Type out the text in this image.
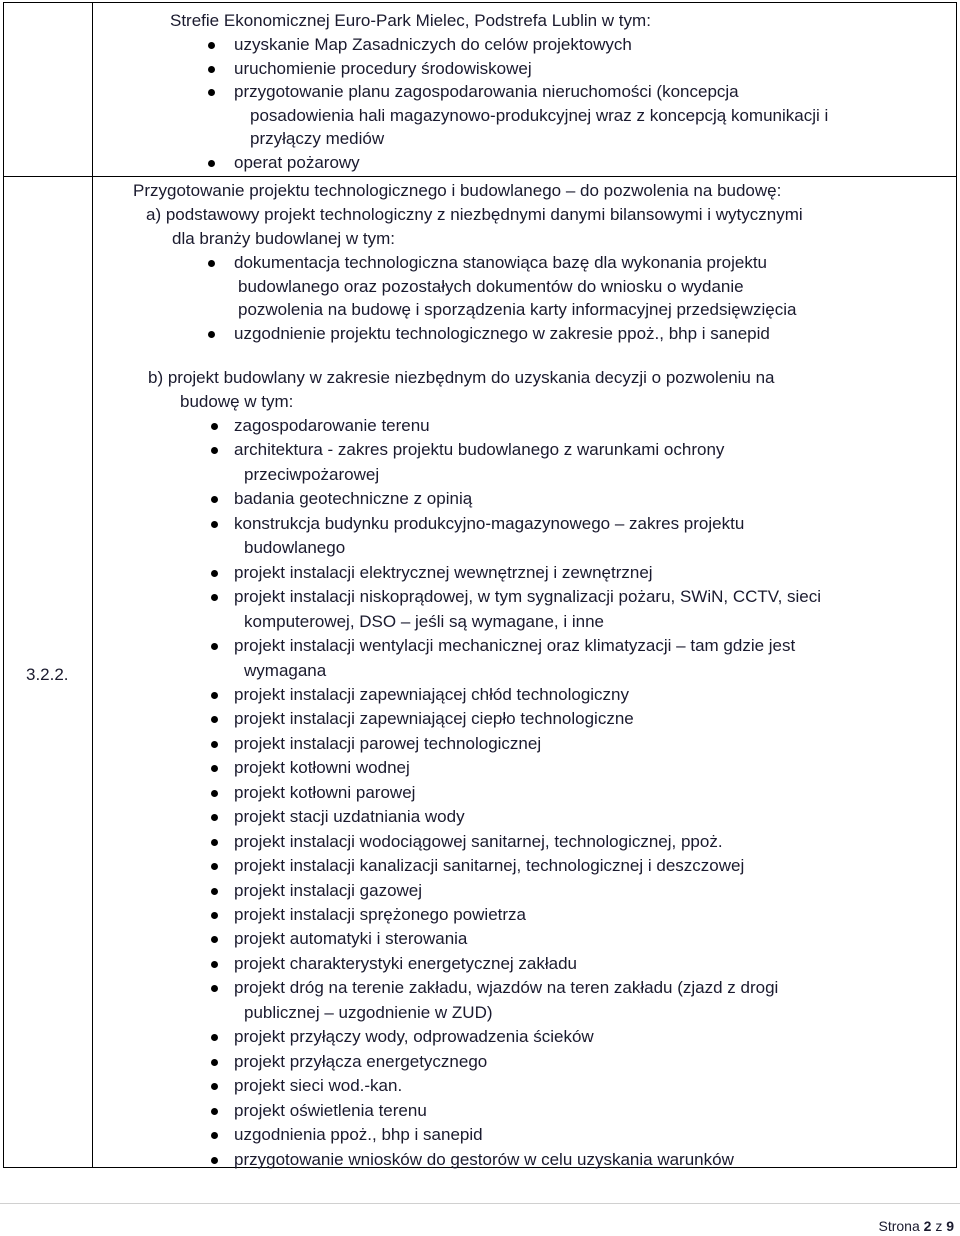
3.2.2.
Strefie Ekonomicznej Euro-Park Mielec, Podstrefa Lublin w tym:
uzyskanie Map Zasadniczych do celów projektowych
uruchomienie procedury środowiskowej
przygotowanie planu zagospodarowania nieruchomości (koncepcja
posadowienia hali magazynowo-produkcyjnej wraz z koncepcją komunikacji i
przyłączy mediów
operat pożarowy
Przygotowanie projektu technologicznego i budowlanego – do pozwolenia na budowę:
a) podstawowy projekt technologiczny z niezbędnymi danymi bilansowymi i wytycznymi
dla branży budowlanej w tym:
dokumentacja technologiczna stanowiąca bazę dla wykonania projektu
budowlanego oraz pozostałych dokumentów do wniosku o wydanie
pozwolenia na budowę i sporządzenia karty informacyjnej przedsięwzięcia
uzgodnienie projektu technologicznego w zakresie ppoż., bhp i sanepid
b) projekt budowlany w zakresie niezbędnym do uzyskania decyzji o pozwoleniu na
budowę w tym:
zagospodarowanie terenu
architektura - zakres projektu budowlanego z warunkami ochrony
przeciwpożarowej
badania geotechniczne z opinią
konstrukcja budynku produkcyjno-magazynowego – zakres projektu
budowlanego
projekt instalacji elektrycznej wewnętrznej i zewnętrznej
projekt instalacji niskoprądowej, w tym sygnalizacji pożaru, SWiN, CCTV, sieci
komputerowej, DSO – jeśli są wymagane, i inne
projekt instalacji wentylacji mechanicznej oraz klimatyzacji – tam gdzie jest
wymagana
projekt instalacji zapewniającej chłód technologiczny
projekt instalacji zapewniającej ciepło technologiczne
projekt instalacji parowej technologicznej
projekt kotłowni wodnej
projekt kotłowni parowej
projekt stacji uzdatniania wody
projekt instalacji wodociągowej sanitarnej, technologicznej, ppoż.
projekt instalacji kanalizacji sanitarnej, technologicznej i deszczowej
projekt instalacji gazowej
projekt instalacji sprężonego powietrza
projekt automatyki i sterowania
projekt charakterystyki energetycznej zakładu
projekt dróg na terenie zakładu, wjazdów na teren zakładu (zjazd z drogi
publicznej – uzgodnienie w ZUD)
projekt przyłączy wody, odprowadzenia ścieków
projekt przyłącza energetycznego
projekt sieci wod.-kan.
projekt oświetlenia terenu
uzgodnienia ppoż., bhp i sanepid
przygotowanie wniosków do gestorów w celu uzyskania warunków
Strona 2 z 9
